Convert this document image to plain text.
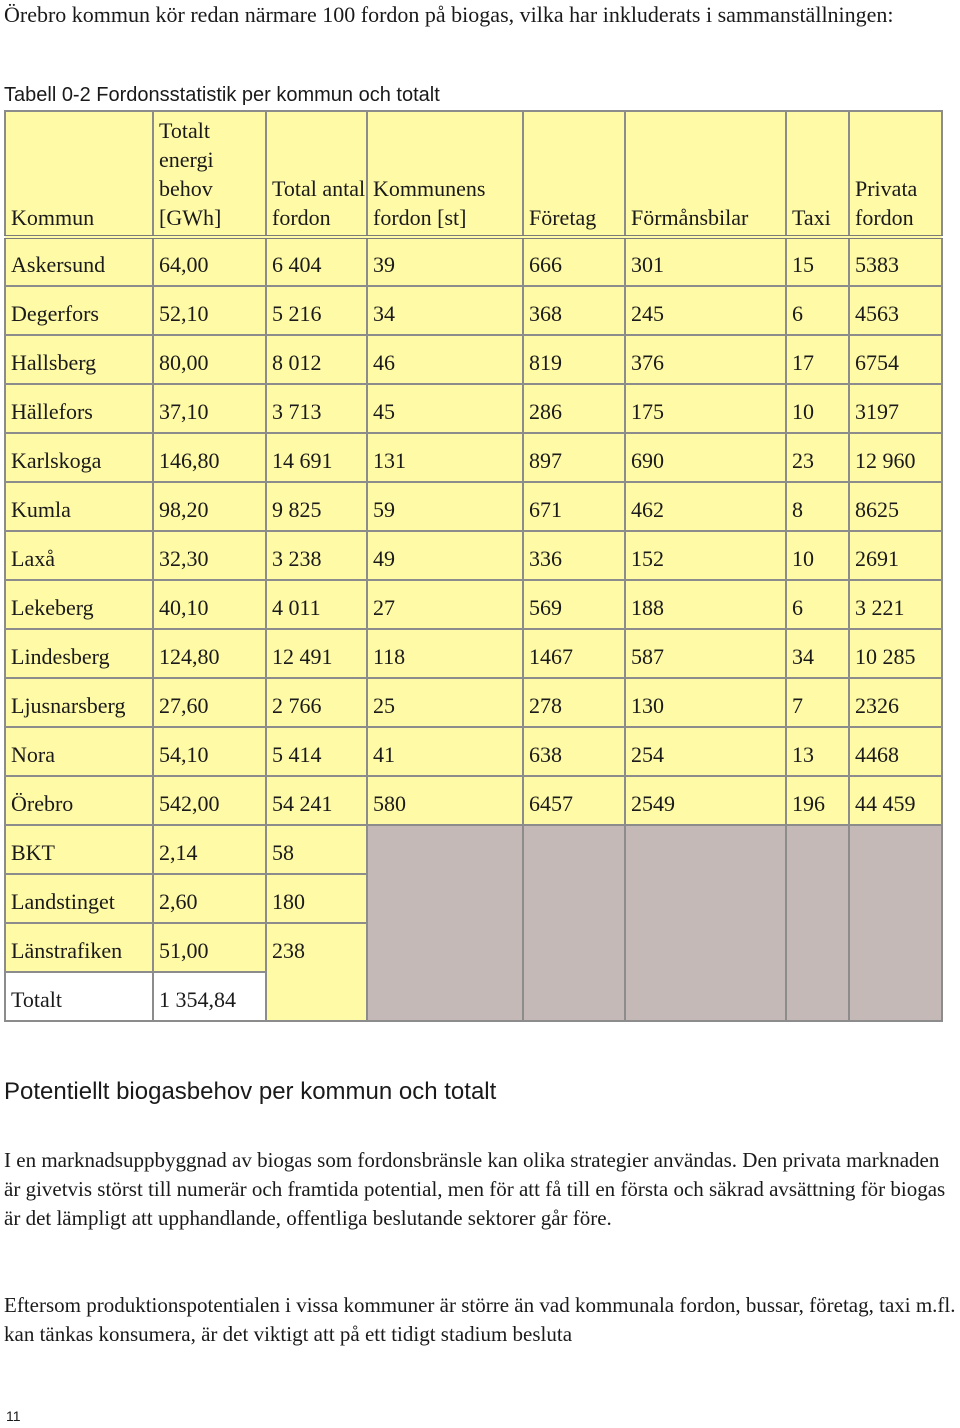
Örebro kommun kör redan närmare 100 fordon på biogas, vilka har inkluderats i sammanställningen:
Tabell 0-2 Fordonsstatistik per kommun och totalt
Kommun	Totalt energi behov [GWh]	Total antal fordon	Kommunens fordon [st]	Företag	Förmånsbilar	Taxi	Privata fordon
Askersund	64,00	6 404	39	666	301	15	5383
Degerfors	52,10	5 216	34	368	245	6	4563
Hallsberg	80,00	8 012	46	819	376	17	6754
Hällefors	37,10	3 713	45	286	175	10	3197
Karlskoga	146,80	14 691	131	897	690	23	12 960
Kumla	98,20	9 825	59	671	462	8	8625
Laxå	32,30	3 238	49	336	152	10	2691
Lekeberg	40,10	4 011	27	569	188	6	3 221
Lindesberg	124,80	12 491	118	1467	587	34	10 285
Ljusnarsberg	27,60	2 766	25	278	130	7	2326
Nora	54,10	5 414	41	638	254	13	4468
Örebro	542,00	54 241	580	6457	2549	196	44 459
BKT	2,14	58					
Landstinget	2,60	180					
Länstrafiken	51,00	238					
Totalt	1 354,84						
Potentiellt biogasbehov per kommun och totalt
I en marknadsuppbyggnad av biogas som fordonsbränsle kan olika strategier användas. Den privata marknaden är givetvis störst till numerär och framtida potential, men för att få till en första och säkrad avsättning för biogas är det lämpligt att upphandlande, offentliga beslutande sektorer går före.
Eftersom produktionspotentialen i vissa kommuner är större än vad kommunala fordon, bussar, företag, taxi m.fl. kan tänkas konsumera, är det viktigt att på ett tidigt stadium besluta
11
